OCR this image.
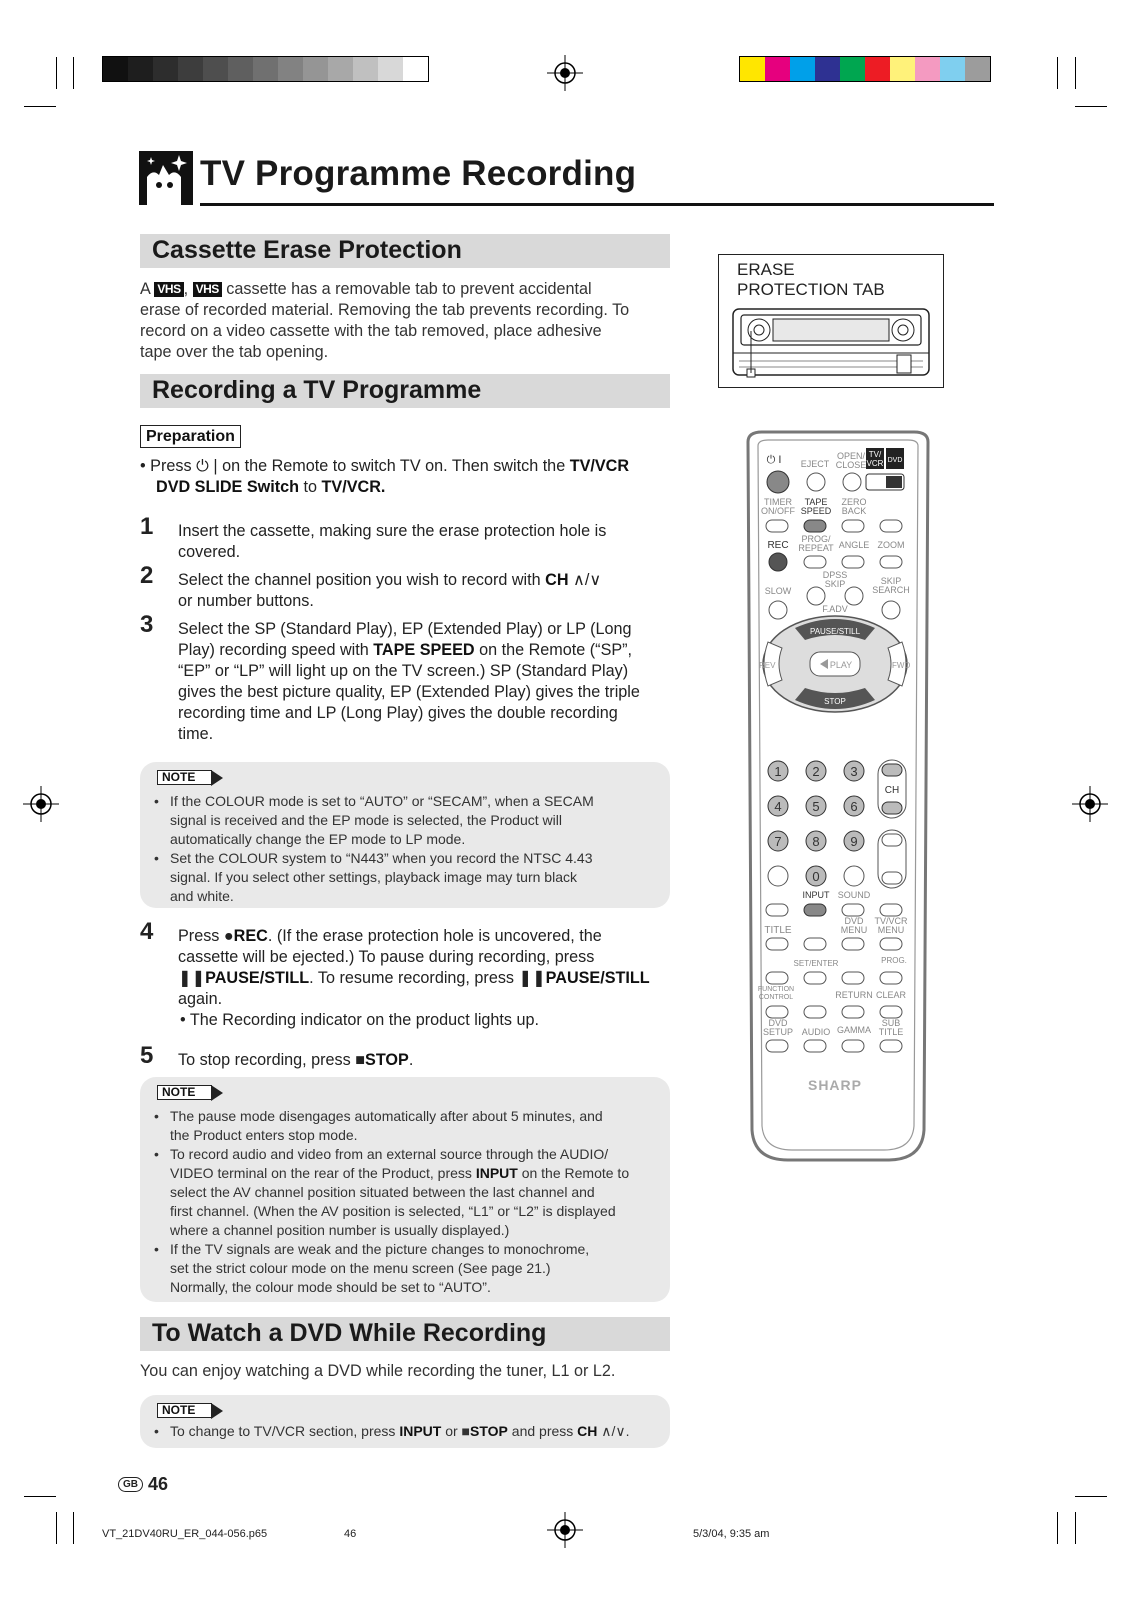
TV Programme Recording
Cassette Erase Protection
A VHS , VHS cassette has a removable tab to prevent accidental
erase of recorded material. Removing the tab prevents recording. To
record on a video cassette with the tab removed, place adhesive
tape over the tab opening.
ERASE
PROTECTION TAB
Recording a TV Programme
Preparation
• Press ⏻ | on the Remote to switch TV on. Then switch the TV/VCR
DVD SLIDE Switch to TV/VCR.
1 Insert the cassette, making sure the erase protection hole is
covered.
2 Select the channel position you wish to record with CH ∧/∨
or number buttons.
3 Select the SP (Standard Play), EP (Extended Play) or LP (Long
Play) recording speed with TAPE SPEED on the Remote (“SP”,
“EP” or “LP” will light up on the TV screen.) SP (Standard Play)
gives the best picture quality, EP (Extended Play) gives the triple
recording time and LP (Long Play) gives the double recording
time.
NOTE
• If the COLOUR mode is set to “AUTO” or “SECAM”, when a SECAM
signal is received and the EP mode is selected, the Product will
automatically change the EP mode to LP mode.
• Set the COLOUR system to “N443” when you record the NTSC 4.43
signal. If you select other settings, playback image may turn black
and white.
4 Press ●REC. (If the erase protection hole is uncovered, the
cassette will be ejected.) To pause during recording, press
❚❚PAUSE/STILL. To resume recording, press ❚❚PAUSE/STILL
again.
• The Recording indicator on the product lights up.
5 To stop recording, press ■STOP.
NOTE
• The pause mode disengages automatically after about 5 minutes, and
the Product enters stop mode.
• To record audio and video from an external source through the AUDIO/
VIDEO terminal on the rear of the Product, press INPUT on the Remote to
select the AV channel position situated between the last channel and
first channel. (When the AV position is selected, “L1” or “L2” is displayed
where a channel position number is usually displayed.)
• If the TV signals are weak and the picture changes to monochrome,
set the strict colour mode on the menu screen (See page 21.)
Normally, the colour mode should be set to “AUTO”.
To Watch a DVD While Recording
You can enjoy watching a DVD while recording the tuner, L1 or L2.
NOTE
• To change to TV/VCR section, press INPUT or ■STOP and press CH ∧/∨.
⏻ I EJECT
OPEN/
CLOSE
TV/
VCR DVD
TIMER
ON/OFF
TAPE
SPEED
ZERO
BACK
REC
PROG/
REPEAT ANGLE ZOOM
DPSS
SKIP
SLOW
SKIP
SEARCH
F.ADV
PAUSE/STILL
STOP
REV	FWD
PLAY
1 2 3
4 5 6
7 8 9
0
CH
INPUT SOUND
TITLE
DVD
MENU
TV/VCR
MENU
SET/ENTER	PROG.
FUNCTION
CONTROL	RETURN CLEAR
DVD
SETUP AUDIO GAMMA
SUB
TITLE
SHARP
GB 46
VT_21DV40RU_ER_044-056.p65	46	5/3/04, 9:35 am
